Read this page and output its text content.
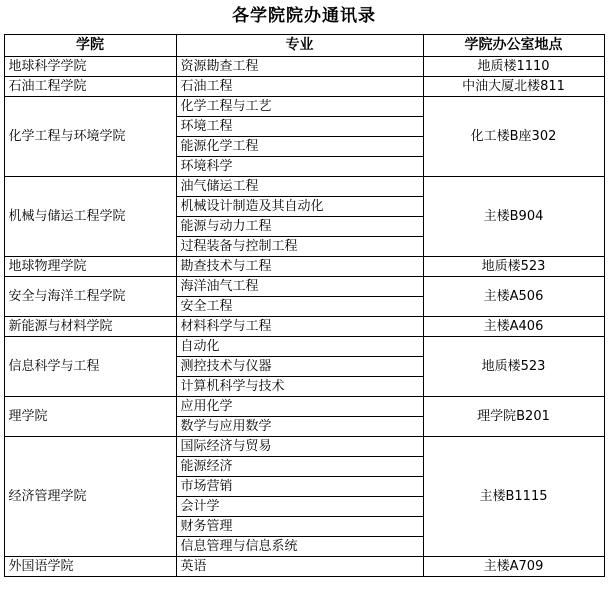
各学院院办通讯录
学院	专业	学院办公室地点
地球科学学院	资源勘查工程	地质楼1110
石油工程学院	石油工程	中油大厦北楼811
化学工程与环境学院	化学工程与工艺	化工楼B座302
	环境工程	
	能源化学工程	
	环境科学	
机械与储运工程学院	油气储运工程	主楼B904
	机械设计制造及其自动化	
	能源与动力工程	
	过程装备与控制工程	
地球物理学院	勘查技术与工程	地质楼523
安全与海洋工程学院	海洋油气工程	主楼A506
	安全工程	
新能源与材料学院	材料科学与工程	主楼A406
信息科学与工程	自动化	地质楼523
	测控技术与仪器	
	计算机科学与技术	
理学院	应用化学	理学院B201
	数学与应用数学	
经济管理学院	国际经济与贸易	主楼B1115
	能源经济	
	市场营销	
	会计学	
	财务管理	
	信息管理与信息系统	
外国语学院	英语	主楼A709
